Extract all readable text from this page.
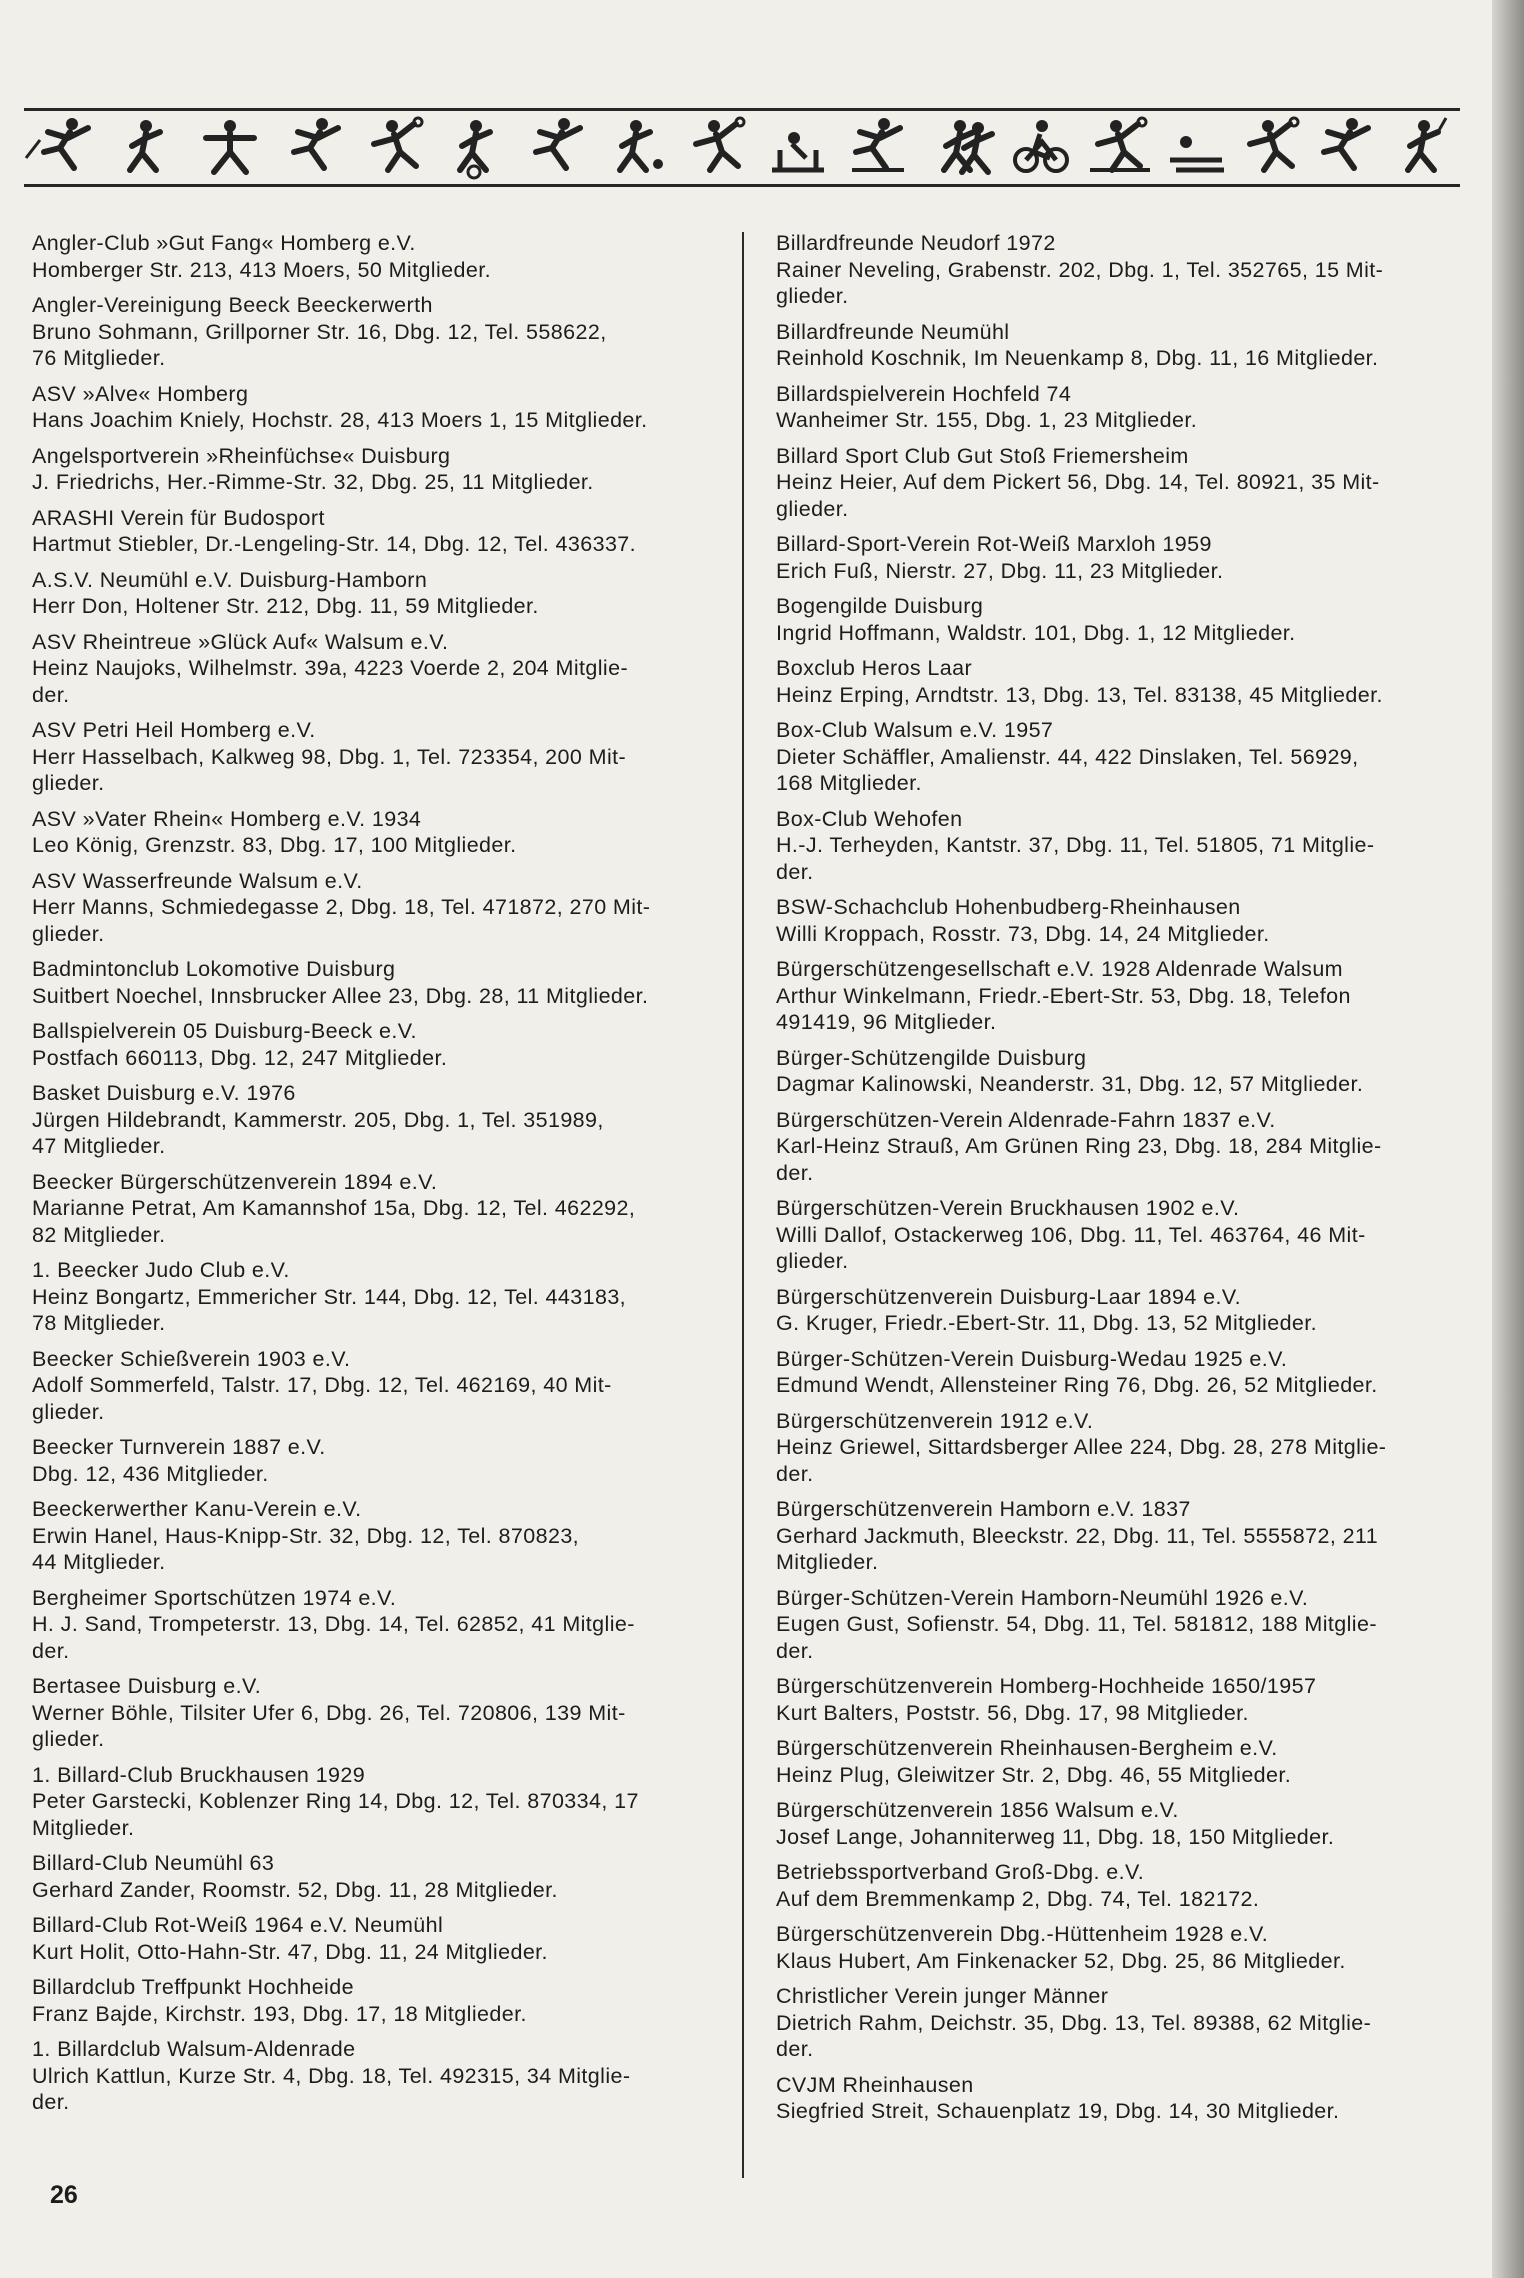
Angler-Club »Gut Fang« Homberg e.V.
Homberger Str. 213, 413 Moers, 50 Mitglieder.
Angler-Vereinigung Beeck Beeckerwerth
Bruno Sohmann, Grillporner Str. 16, Dbg. 12, Tel. 558622,
76 Mitglieder.
ASV »Alve« Homberg
Hans Joachim Kniely, Hochstr. 28, 413 Moers 1, 15 Mitglieder.
Angelsportverein »Rheinfüchse« Duisburg
J. Friedrichs, Her.-Rimme-Str. 32, Dbg. 25, 11 Mitglieder.
ARASHI Verein für Budosport
Hartmut Stiebler, Dr.-Lengeling-Str. 14, Dbg. 12, Tel. 436337.
A.S.V. Neumühl e.V. Duisburg-Hamborn
Herr Don, Holtener Str. 212, Dbg. 11, 59 Mitglieder.
ASV Rheintreue »Glück Auf« Walsum e.V.
Heinz Naujoks, Wilhelmstr. 39a, 4223 Voerde 2, 204 Mitglie-
der.
ASV Petri Heil Homberg e.V.
Herr Hasselbach, Kalkweg 98, Dbg. 1, Tel. 723354, 200 Mit-
glieder.
ASV »Vater Rhein« Homberg e.V. 1934
Leo König, Grenzstr. 83, Dbg. 17, 100 Mitglieder.
ASV Wasserfreunde Walsum e.V.
Herr Manns, Schmiedegasse 2, Dbg. 18, Tel. 471872, 270 Mit-
glieder.
Badmintonclub Lokomotive Duisburg
Suitbert Noechel, Innsbrucker Allee 23, Dbg. 28, 11 Mitglieder.
Ballspielverein 05 Duisburg-Beeck e.V.
Postfach 660113, Dbg. 12, 247 Mitglieder.
Basket Duisburg e.V. 1976
Jürgen Hildebrandt, Kammerstr. 205, Dbg. 1, Tel. 351989,
47 Mitglieder.
Beecker Bürgerschützenverein 1894 e.V.
Marianne Petrat, Am Kamannshof 15a, Dbg. 12, Tel. 462292,
82 Mitglieder.
1. Beecker Judo Club e.V.
Heinz Bongartz, Emmericher Str. 144, Dbg. 12, Tel. 443183,
78 Mitglieder.
Beecker Schießverein 1903 e.V.
Adolf Sommerfeld, Talstr. 17, Dbg. 12, Tel. 462169, 40 Mit-
glieder.
Beecker Turnverein 1887 e.V.
Dbg. 12, 436 Mitglieder.
Beeckerwerther Kanu-Verein e.V.
Erwin Hanel, Haus-Knipp-Str. 32, Dbg. 12, Tel. 870823,
44 Mitglieder.
Bergheimer Sportschützen 1974 e.V.
H. J. Sand, Trompeterstr. 13, Dbg. 14, Tel. 62852, 41 Mitglie-
der.
Bertasee Duisburg e.V.
Werner Böhle, Tilsiter Ufer 6, Dbg. 26, Tel. 720806, 139 Mit-
glieder.
1. Billard-Club Bruckhausen 1929
Peter Garstecki, Koblenzer Ring 14, Dbg. 12, Tel. 870334, 17
Mitglieder.
Billard-Club Neumühl 63
Gerhard Zander, Roomstr. 52, Dbg. 11, 28 Mitglieder.
Billard-Club Rot-Weiß 1964 e.V. Neumühl
Kurt Holit, Otto-Hahn-Str. 47, Dbg. 11, 24 Mitglieder.
Billardclub Treffpunkt Hochheide
Franz Bajde, Kirchstr. 193, Dbg. 17, 18 Mitglieder.
1. Billardclub Walsum-Aldenrade
Ulrich Kattlun, Kurze Str. 4, Dbg. 18, Tel. 492315, 34 Mitglie-
der.
Billardfreunde Neudorf 1972
Rainer Neveling, Grabenstr. 202, Dbg. 1, Tel. 352765, 15 Mit-
glieder.
Billardfreunde Neumühl
Reinhold Koschnik, Im Neuenkamp 8, Dbg. 11, 16 Mitglieder.
Billardspielverein Hochfeld 74
Wanheimer Str. 155, Dbg. 1, 23 Mitglieder.
Billard Sport Club Gut Stoß Friemersheim
Heinz Heier, Auf dem Pickert 56, Dbg. 14, Tel. 80921, 35 Mit-
glieder.
Billard-Sport-Verein Rot-Weiß Marxloh 1959
Erich Fuß, Nierstr. 27, Dbg. 11, 23 Mitglieder.
Bogengilde Duisburg
Ingrid Hoffmann, Waldstr. 101, Dbg. 1, 12 Mitglieder.
Boxclub Heros Laar
Heinz Erping, Arndtstr. 13, Dbg. 13, Tel. 83138, 45 Mitglieder.
Box-Club Walsum e.V. 1957
Dieter Schäffler, Amalienstr. 44, 422 Dinslaken, Tel. 56929,
168 Mitglieder.
Box-Club Wehofen
H.-J. Terheyden, Kantstr. 37, Dbg. 11, Tel. 51805, 71 Mitglie-
der.
BSW-Schachclub Hohenbudberg-Rheinhausen
Willi Kroppach, Rosstr. 73, Dbg. 14, 24 Mitglieder.
Bürgerschützengesellschaft e.V. 1928 Aldenrade Walsum
Arthur Winkelmann, Friedr.-Ebert-Str. 53, Dbg. 18, Telefon
491419, 96 Mitglieder.
Bürger-Schützengilde Duisburg
Dagmar Kalinowski, Neanderstr. 31, Dbg. 12, 57 Mitglieder.
Bürgerschützen-Verein Aldenrade-Fahrn 1837 e.V.
Karl-Heinz Strauß, Am Grünen Ring 23, Dbg. 18, 284 Mitglie-
der.
Bürgerschützen-Verein Bruckhausen 1902 e.V.
Willi Dallof, Ostackerweg 106, Dbg. 11, Tel. 463764, 46 Mit-
glieder.
Bürgerschützenverein Duisburg-Laar 1894 e.V.
G. Kruger, Friedr.-Ebert-Str. 11, Dbg. 13, 52 Mitglieder.
Bürger-Schützen-Verein Duisburg-Wedau 1925 e.V.
Edmund Wendt, Allensteiner Ring 76, Dbg. 26, 52 Mitglieder.
Bürgerschützenverein 1912 e.V.
Heinz Griewel, Sittardsberger Allee 224, Dbg. 28, 278 Mitglie-
der.
Bürgerschützenverein Hamborn e.V. 1837
Gerhard Jackmuth, Bleeckstr. 22, Dbg. 11, Tel. 5555872, 211
Mitglieder.
Bürger-Schützen-Verein Hamborn-Neumühl 1926 e.V.
Eugen Gust, Sofienstr. 54, Dbg. 11, Tel. 581812, 188 Mitglie-
der.
Bürgerschützenverein Homberg-Hochheide 1650/1957
Kurt Balters, Poststr. 56, Dbg. 17, 98 Mitglieder.
Bürgerschützenverein Rheinhausen-Bergheim e.V.
Heinz Plug, Gleiwitzer Str. 2, Dbg. 46, 55 Mitglieder.
Bürgerschützenverein 1856 Walsum e.V.
Josef Lange, Johanniterweg 11, Dbg. 18, 150 Mitglieder.
Betriebssportverband Groß-Dbg. e.V.
Auf dem Bremmenkamp 2, Dbg. 74, Tel. 182172.
Bürgerschützenverein Dbg.-Hüttenheim 1928 e.V.
Klaus Hubert, Am Finkenacker 52, Dbg. 25, 86 Mitglieder.
Christlicher Verein junger Männer
Dietrich Rahm, Deichstr. 35, Dbg. 13, Tel. 89388, 62 Mitglie-
der.
CVJM Rheinhausen
Siegfried Streit, Schauenplatz 19, Dbg. 14, 30 Mitglieder.
26
